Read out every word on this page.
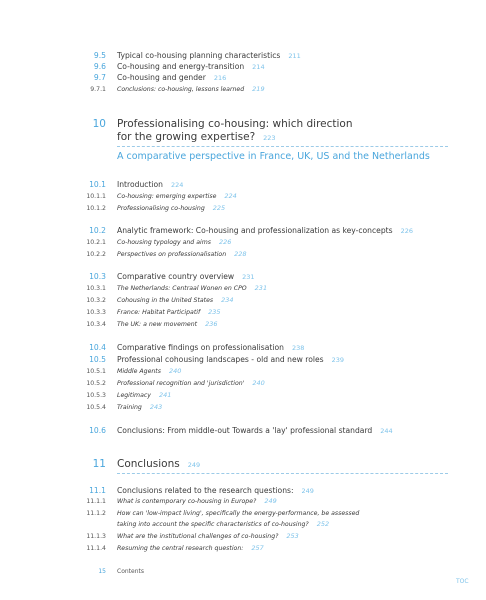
9.5 Typical co-housing planning characteristics 211
9.6 Co-housing and energy-transition 214
9.7 Co-housing and gender 216
9.7.1 Conclusions: co-housing, lessons learned 219
10 Professionalising co-housing: which direction
for the growing expertise? 223
A comparative perspective in France, UK, US and the Netherlands
10.1 Introduction 224
10.1.1 Co-housing: emerging expertise 224
10.1.2 Professionalising co-housing 225
10.2 Analytic framework: Co-housing and professionalization as key-concepts 226
10.2.1 Co-housing typology and aims 226
10.2.2 Perspectives on professionalisation 228
10.3 Comparative country overview 231
10.3.1 The Netherlands: Centraal Wonen en CPO 231
10.3.2 Cohousing in the United States 234
10.3.3 France: Habitat Participatif 235
10.3.4 The UK: a new movement 236
10.4 Comparative findings on professionalisation 238
10.5 Professional cohousing landscapes - old and new roles 239
10.5.1 Middle Agents 240
10.5.2 Professional recognition and 'jurisdiction' 240
10.5.3 Legitimacy 241
10.5.4 Training 243
10.6 Conclusions: From middle-out Towards a 'lay' professional standard 244
11 Conclusions 249
11.1 Conclusions related to the research questions: 249
11.1.1 What is contemporary co-housing in Europe? 249
11.1.2 How can 'low-impact living', specifically the energy-performance, be assessed
taking into account the specific characteristics of co-housing? 252
11.1.3 What are the institutional challenges of co-housing? 253
11.1.4 Resuming the central research question: 257
15 Contents
TOC
